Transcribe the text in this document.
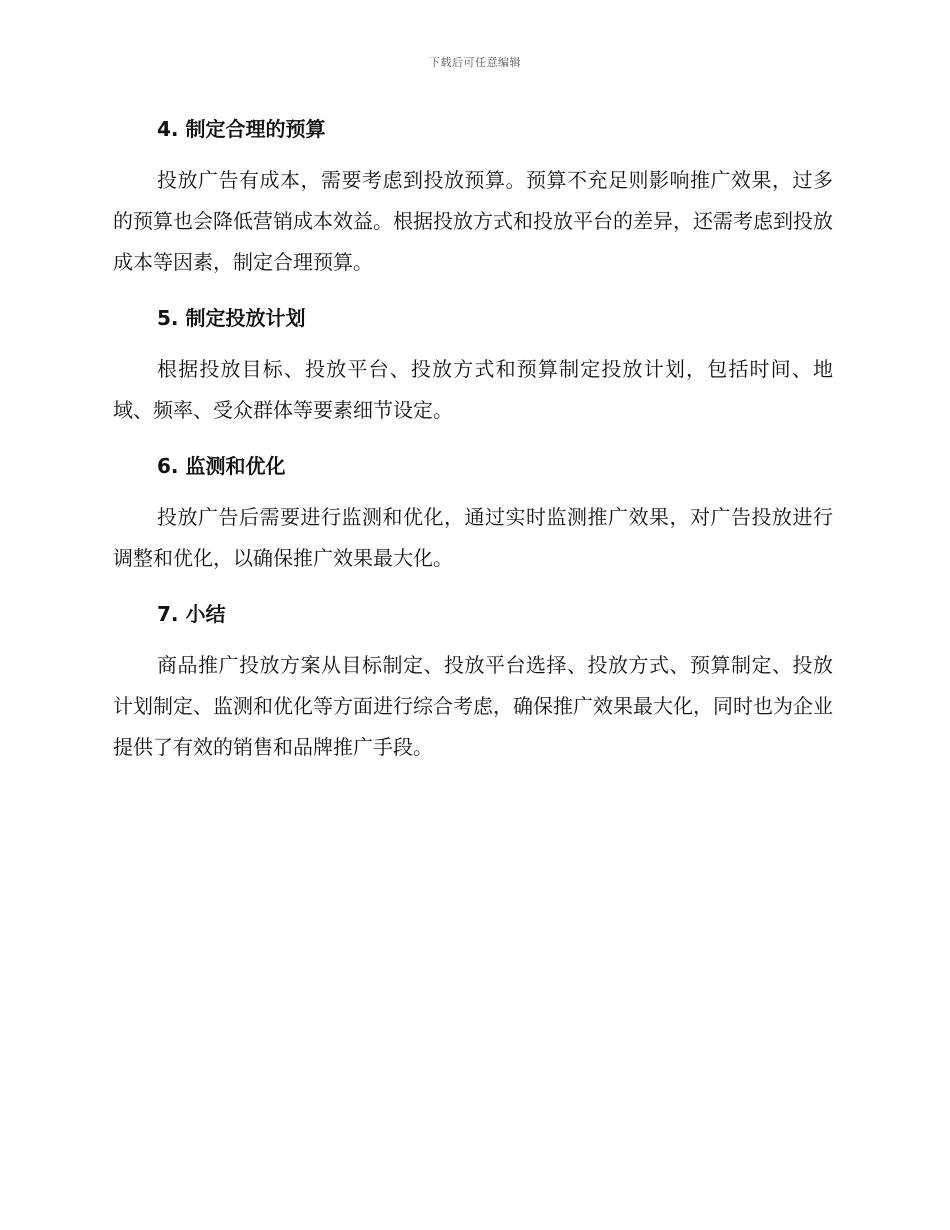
下载后可任意编辑
4. 制定合理的预算

投放广告有成本，需要考虑到投放预算。预算不充足则影响推广效果，过多的预算也会降低营销成本效益。根据投放方式和投放平台的差异，还需考虑到投放成本等因素，制定合理预算。

5. 制定投放计划

根据投放目标、投放平台、投放方式和预算制定投放计划，包括时间、地域、频率、受众群体等要素细节设定。

6. 监测和优化

投放广告后需要进行监测和优化，通过实时监测推广效果，对广告投放进行调整和优化，以确保推广效果最大化。

7. 小结

商品推广投放方案从目标制定、投放平台选择、投放方式、预算制定、投放计划制定、监测和优化等方面进行综合考虑，确保推广效果最大化，同时也为企业提供了有效的销售和品牌推广手段。
